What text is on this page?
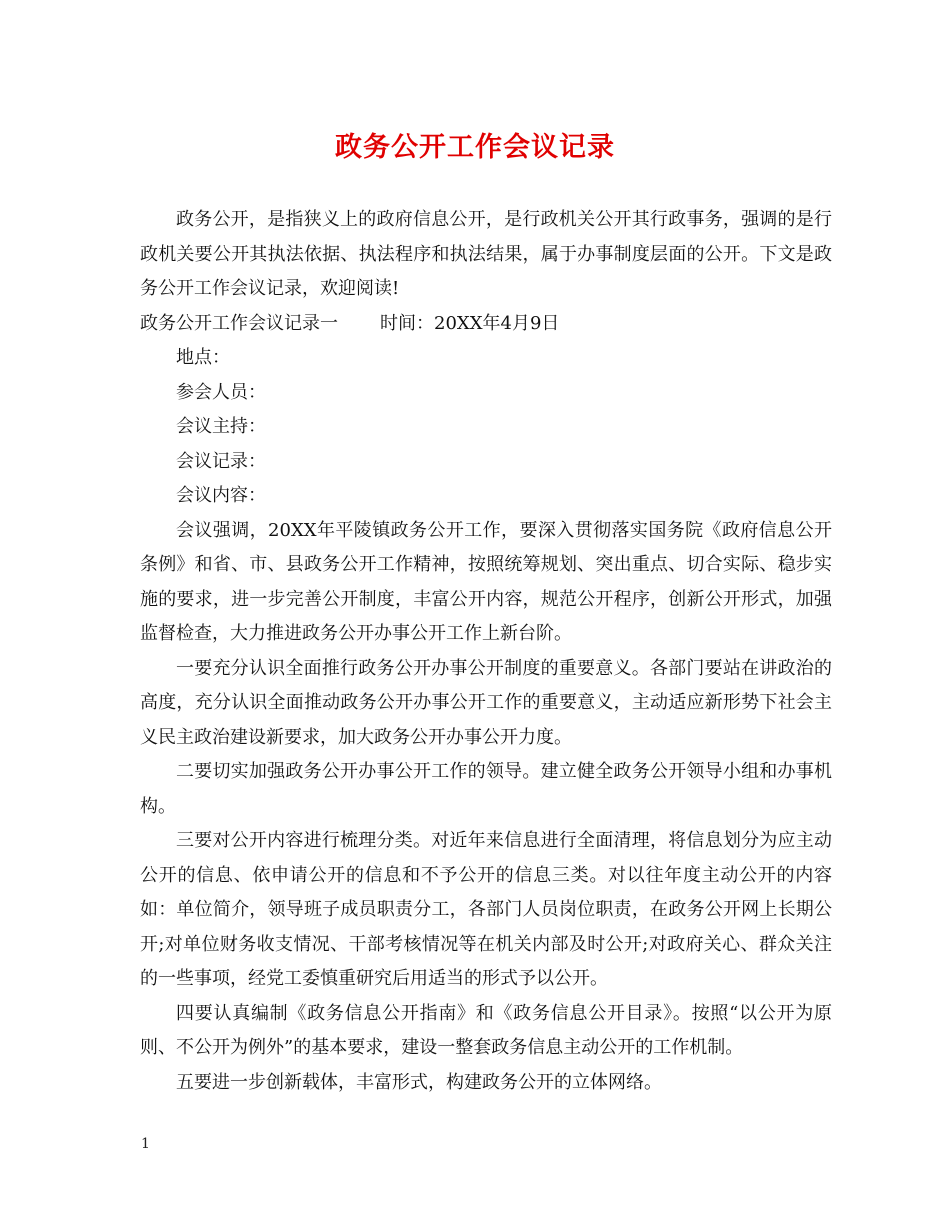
政务公开工作会议记录

政务公开，是指狭义上的政府信息公开，是行政机关公开其行政事务，强调的是行政机关要公开其执法依据、执法程序和执法结果，属于办事制度层面的公开。下文是政务公开工作会议记录，欢迎阅读!

政务公开工作会议记录一 时间：20XX年4月9日

地点：

参会人员：

会议主持：

会议记录：

会议内容：

会议强调，20XX年平陵镇政务公开工作，要深入贯彻落实国务院《政府信息公开条例》和省、市、县政务公开工作精神，按照统筹规划、突出重点、切合实际、稳步实施的要求，进一步完善公开制度，丰富公开内容，规范公开程序，创新公开形式，加强监督检查，大力推进政务公开办事公开工作上新台阶。

一要充分认识全面推行政务公开办事公开制度的重要意义。各部门要站在讲政治的高度，充分认识全面推动政务公开办事公开工作的重要意义，主动适应新形势下社会主义民主政治建设新要求，加大政务公开办事公开力度。

二要切实加强政务公开办事公开工作的领导。建立健全政务公开领导小组和办事机构。

三要对公开内容进行梳理分类。对近年来信息进行全面清理，将信息划分为应主动公开的信息、依申请公开的信息和不予公开的信息三类。对以往年度主动公开的内容如：单位简介，领导班子成员职责分工，各部门人员岗位职责，在政务公开网上长期公开;对单位财务收支情况、干部考核情况等在机关内部及时公开;对政府关心、群众关注的一些事项，经党工委慎重研究后用适当的形式予以公开。

四要认真编制《政务信息公开指南》和《政务信息公开目录》。按照“以公开为原则、不公开为例外”的基本要求，建设一整套政务信息主动公开的工作机制。

五要进一步创新载体，丰富形式，构建政务公开的立体网络。

1
